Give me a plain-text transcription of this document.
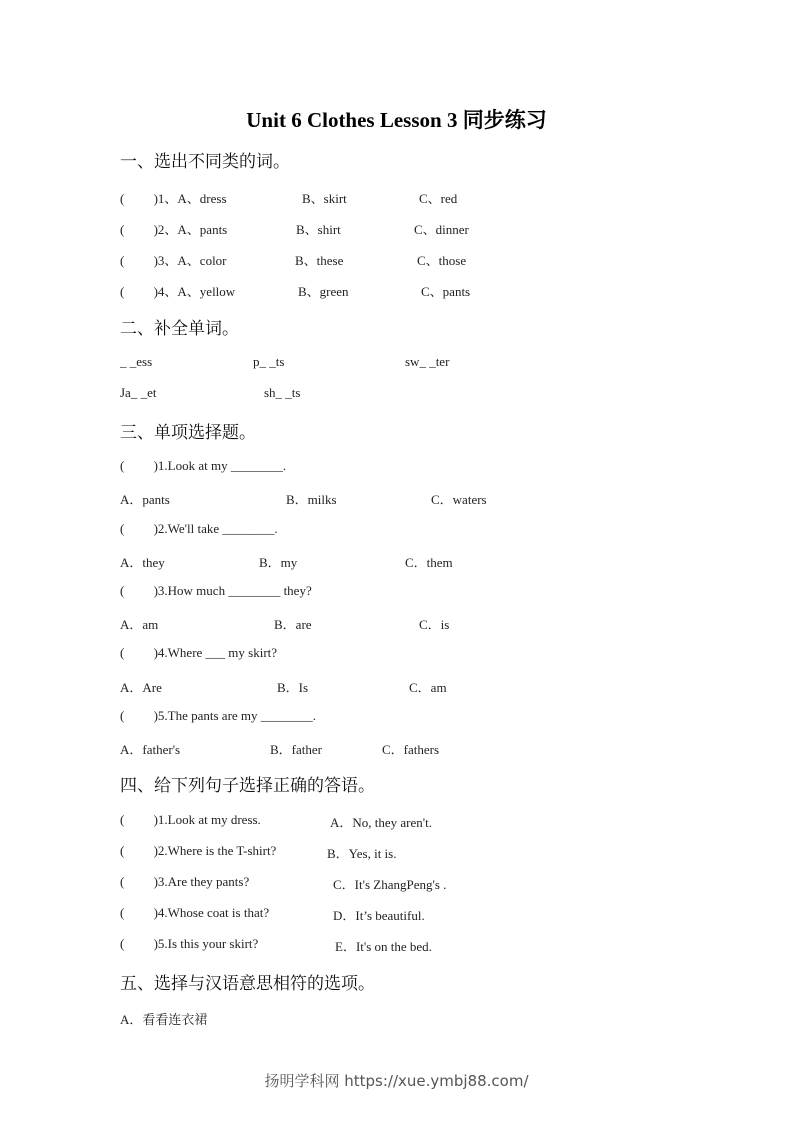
Unit 6 Clothes Lesson 3 同步练习
一、选出不同类的词。
(         )1、A、dress	B、skirt	C、red
(         )2、A、pants	B、shirt	C、dinner
(         )3、A、color	B、these	C、those
(         )4、A、yellow	B、green	C、pants
二、补全单词。
_ _ess	p_ _ts	sw_ _ter
Ja_ _et	sh_ _ts
三、单项选择题。
(         )1.Look at my ________.
A．pants	B．milks	C．waters
(         )2.We'll take ________.
A．they	B．my	C．them
(         )3.How much ________ they?
A．am	B．are	C．is
(         )4.Where ___ my skirt?
A．Are	B．Is	C．am
(         )5.The pants are my ________.
A．father's	B．father	C．fathers
四、给下列句子选择正确的答语。
(         )1.Look at my dress.	A．No, they aren't.
(         )2.Where is the T-shirt?	B．Yes, it is.
(         )3.Are they pants?	C．It's ZhangPeng's .
(         )4.Whose coat is that?	D．It’s beautiful.
(         )5.Is this your skirt?	E．It's on the bed.
五、选择与汉语意思相符的选项。
A．看看连衣裙
扬明学科网 https://xue.ymbj88.com/
